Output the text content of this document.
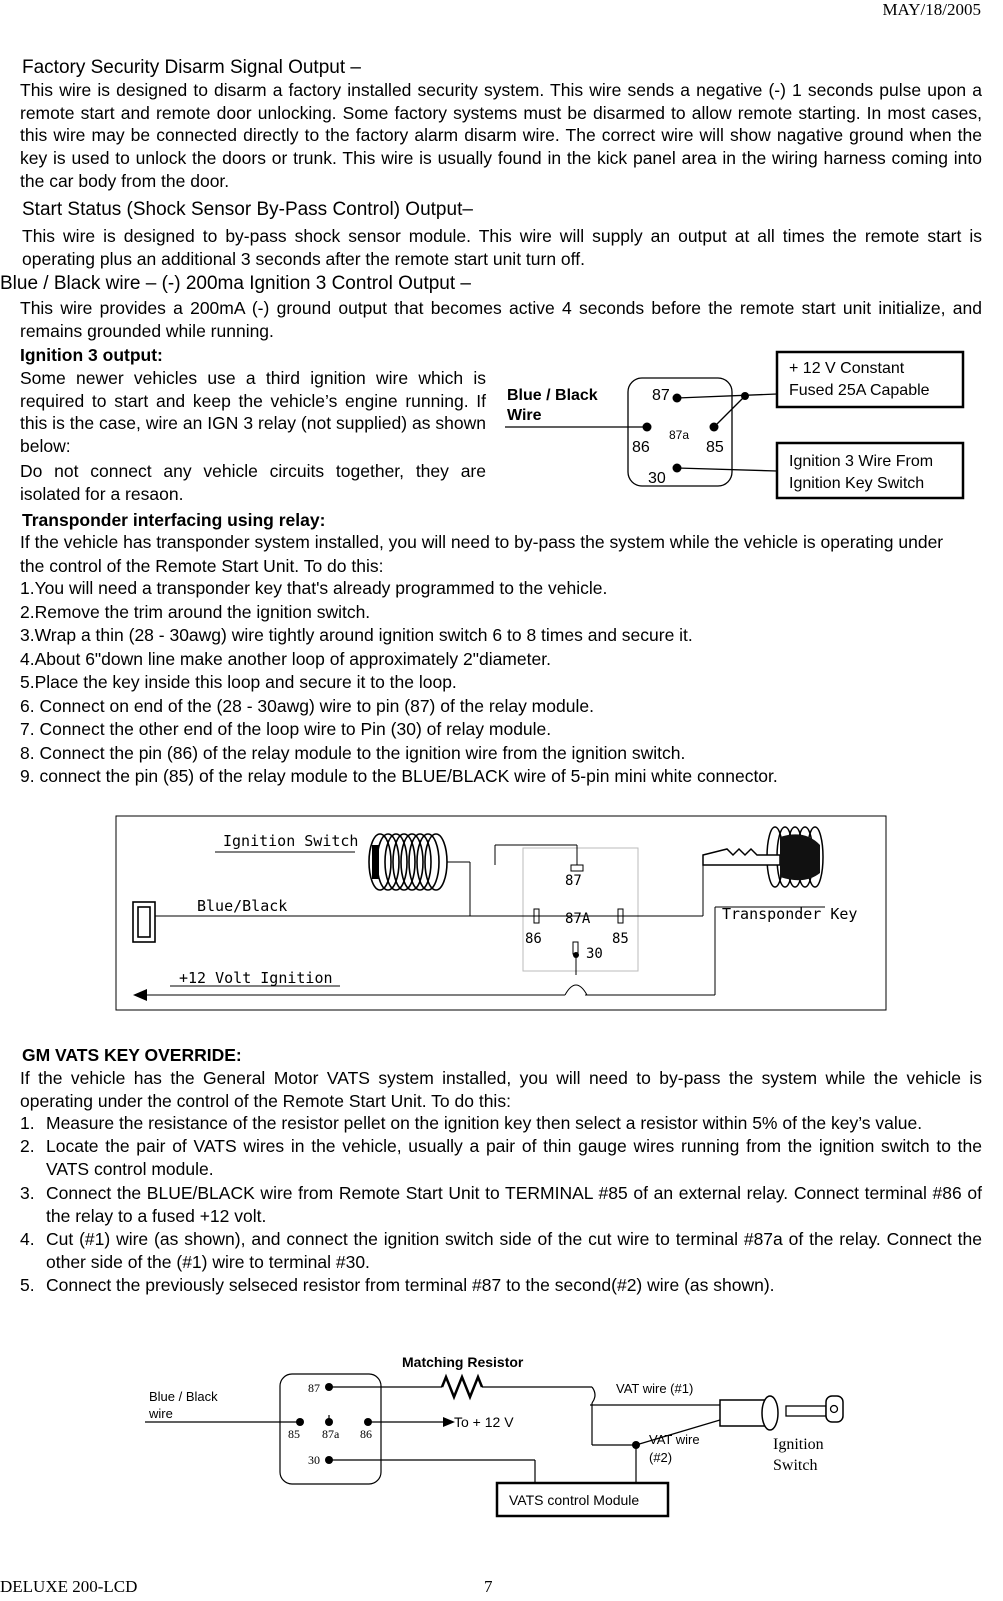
MAY/18/2005
Factory Security Disarm Signal Output –
This wire is designed to disarm a factory installed security system. This wire sends a negative (-) 1 seconds pulse upon a remote start and remote door unlocking. Some factory systems must be disarmed to allow remote starting. In most cases, this wire may be connected directly to the factory alarm disarm wire. The correct wire will show nagative ground when the key is used to unlock the doors or trunk. This wire is usually found in the kick panel area in the wiring harness coming into the car body from the door.
Start Status (Shock Sensor By-Pass Control) Output–
This wire is designed to by-pass shock sensor module. This wire will supply an output at all times the remote start is operating plus an additional 3 seconds after the remote start unit turn off.
Blue / Black wire – (-) 200ma Ignition 3 Control Output –
This wire provides a 200mA (-) ground output that becomes active 4 seconds before the remote start unit initialize, and remains grounded while running.
Ignition 3 output:
Some newer vehicles use a third ignition wire which is required to start and keep the vehicle’s engine running. If this is the case, wire an IGN 3 relay (not supplied) as shown below:
Do not connect any vehicle circuits together, they are isolated for a resaon.
Blue / Black
Wire
87
86
87a
85
30
+ 12 V Constant
Fused 25A Capable
Ignition 3 Wire From
Ignition Key Switch
Transponder interfacing using relay:
If the vehicle has transponder system installed, you will need to by-pass the system while the vehicle is operating under the control of the Remote Start Unit. To do this:
1.You will need a transponder key that's already programmed to the vehicle.
2.Remove the trim around the ignition switch.
3.Wrap a thin (28 - 30awg) wire tightly around ignition switch 6 to 8 times and secure it.
4.About 6"down line make another loop of approximately 2"diameter.
5.Place the key inside this loop and secure it to the loop.
6. Connect on end of the (28 - 30awg) wire to pin (87) of the relay module.
7. Connect the other end of the loop wire to Pin (30) of relay module.
8. Connect the pin (86) of the relay module to the ignition wire from the ignition switch.
9. connect the pin (85) of the relay module to the BLUE/BLACK wire of 5-pin mini white connector.
Ignition Switch
87
87A
86	85
30
Blue/Black	Transponder Key
+12 Volt Ignition
GM VATS KEY OVERRIDE:
If the vehicle has the General Motor VATS system installed, you will need to by-pass the system while the vehicle is operating under the control of the Remote Start Unit. To do this:
1. Measure the resistance of the resistor pellet on the ignition key then select a resistor within 5% of the key’s value.
2. Locate the pair of VATS wires in the vehicle, usually a pair of thin gauge wires running from the ignition switch to the VATS control module.
3. Connect the BLUE/BLACK wire from Remote Start Unit to TERMINAL #85 of an external relay. Connect terminal #86 of the relay to a fused +12 volt.
4. Cut (#1) wire (as shown), and connect the ignition switch side of the cut wire to terminal #87a of the relay. Connect the other side of the (#1) wire to terminal #30.
5. Connect the previously selseced resistor from terminal #87 to the second(#2) wire (as shown).
Matching Resistor
Blue / Black
wire
87
85 87a 86
30
To + 12 V
VAT wire (#1)
VAT wire
(#2)
Ignition
Switch
VATS control Module
DELUXE 200-LCD	7
